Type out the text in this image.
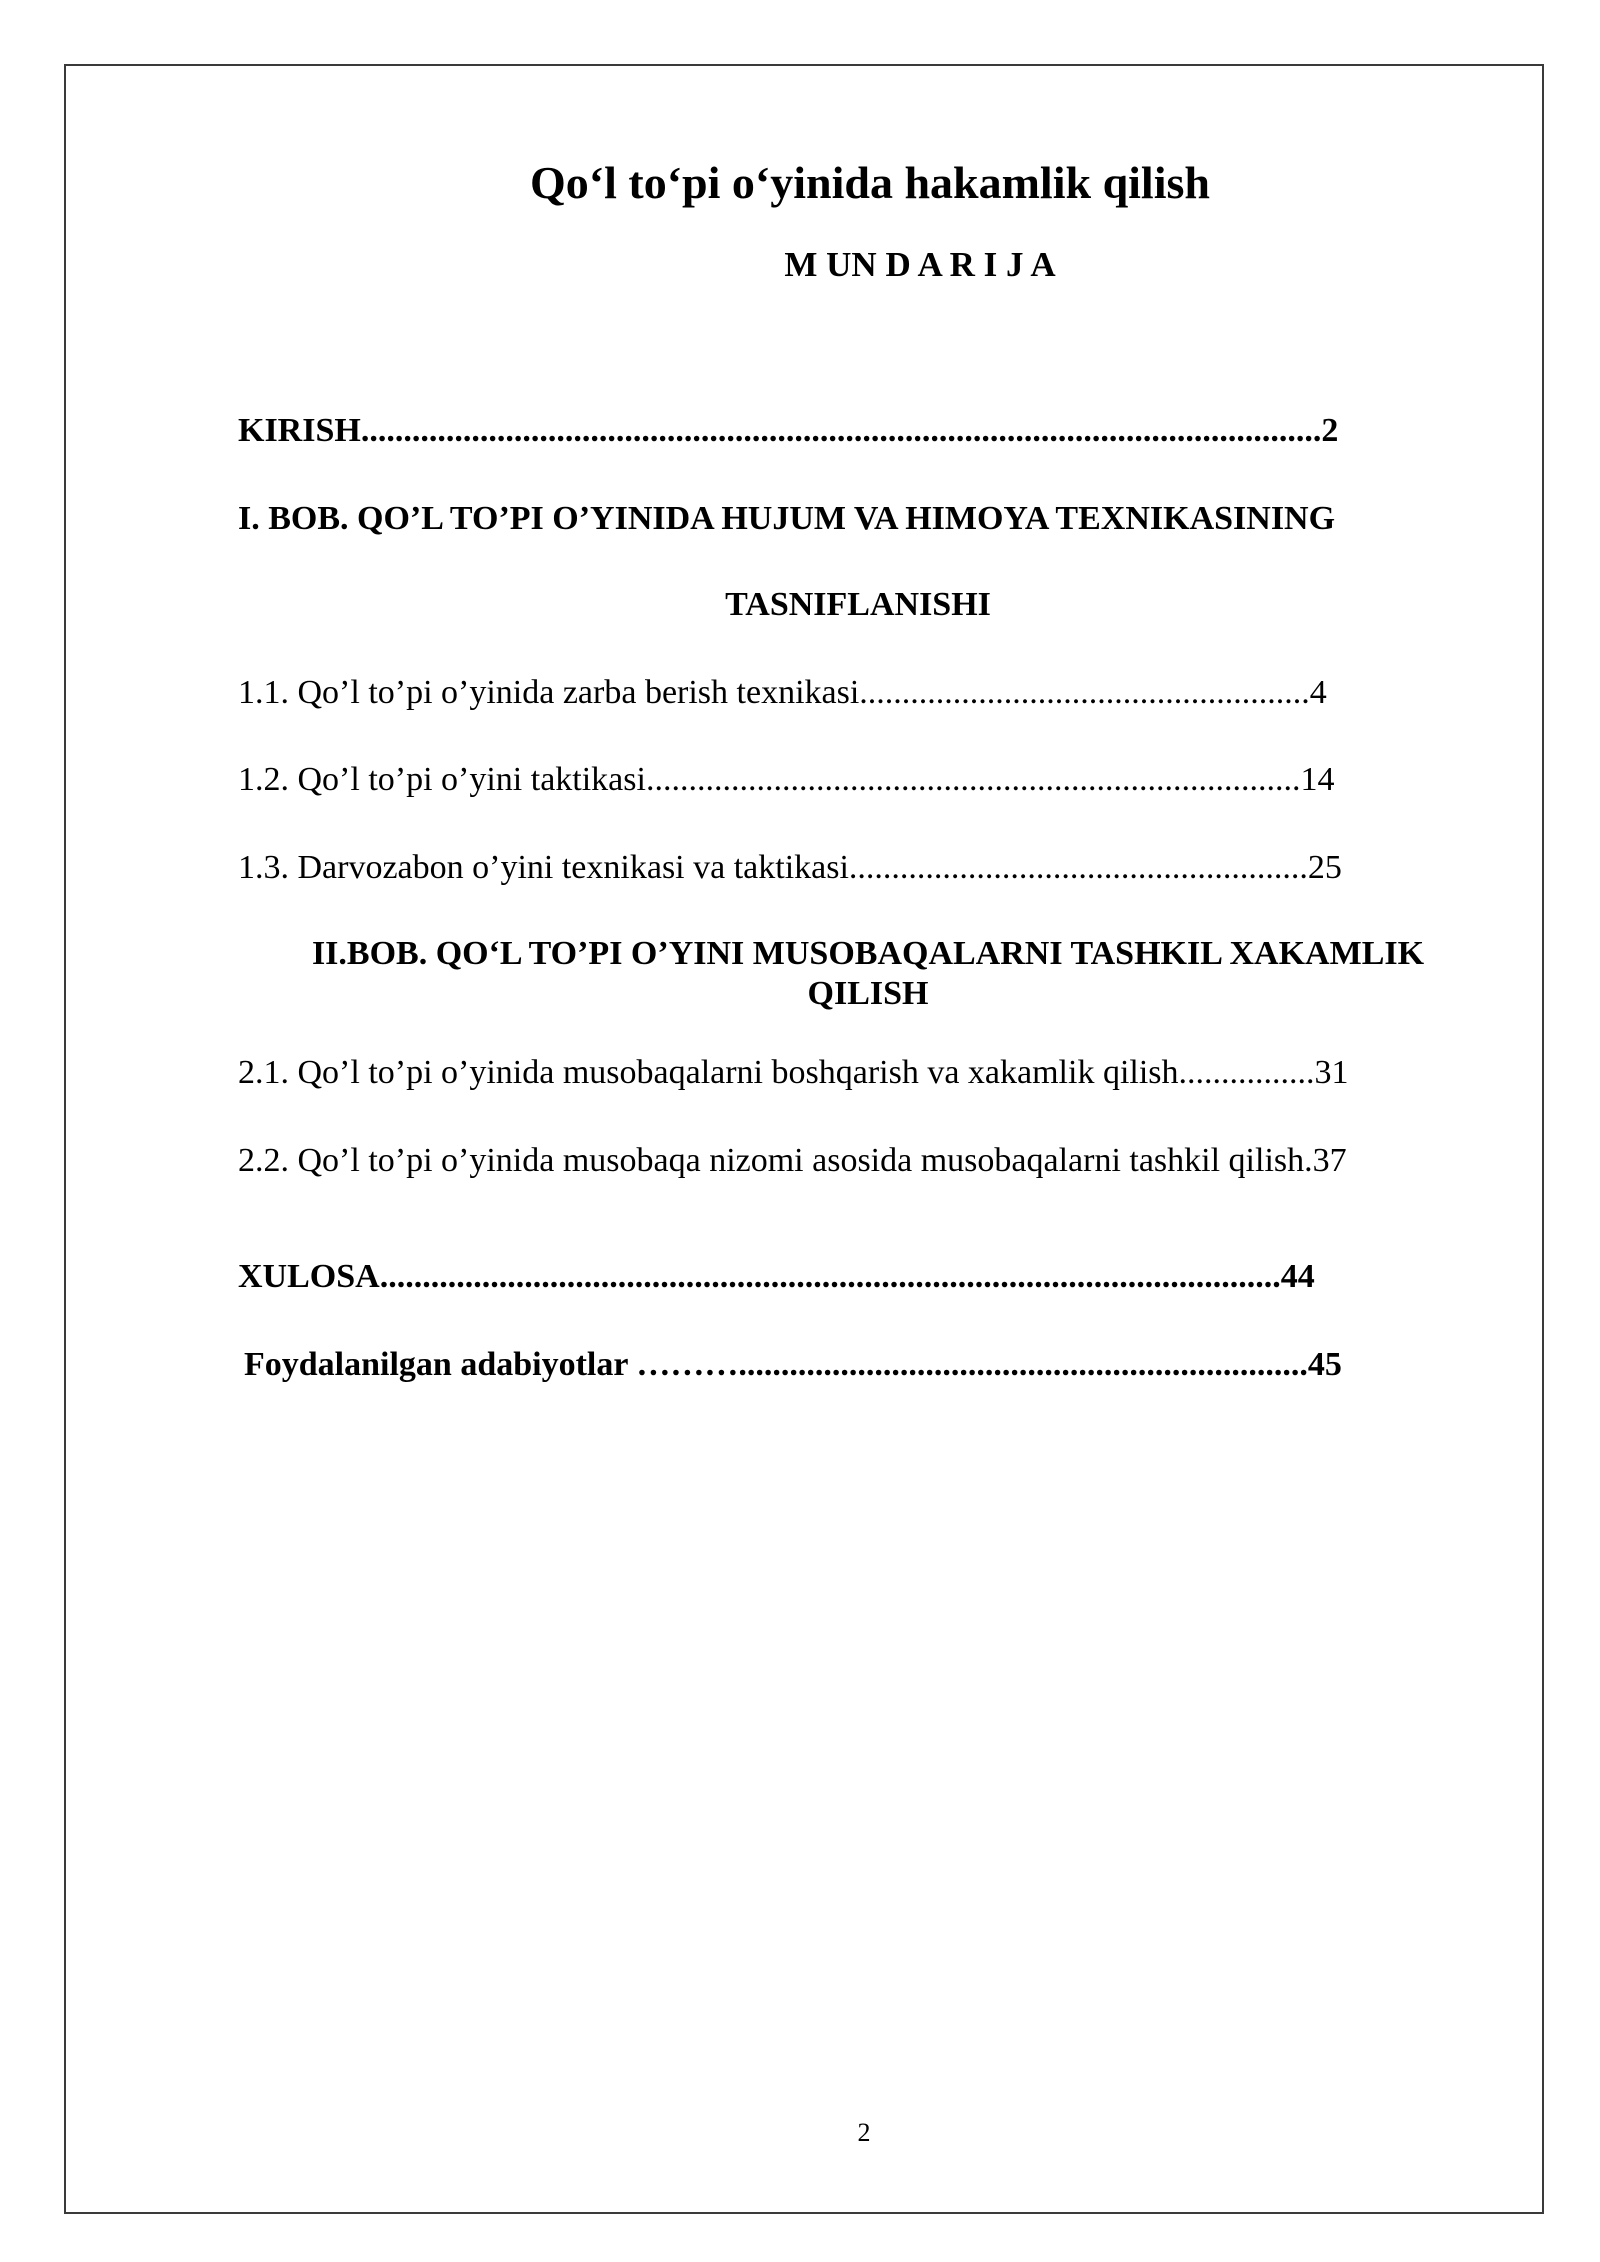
Qo‘l to‘pi o‘yinida hakamlik qilish
M UN D A R I J A

KIRISH.................................................................................................................2

I. BOB. QO’L TO’PI O’YINIDA HUJUM VA HIMOYA TEXNIKASINING

TASNIFLANISHI

1.1. Qo’l to’pi o’yinida zarba berish texnikasi.....................................................4

1.2. Qo’l to’pi o’yini taktikasi.............................................................................14

1.3. Darvozabon o’yini texnikasi va taktikasi......................................................25

II.BOB. QO‘L TO’PI O’YINI MUSOBAQALARNI TASHKIL XAKAMLIK QILISH

2.1. Qo’l to’pi o’yinida musobaqalarni boshqarish va xakamlik qilish................31

2.2. Qo’l to’pi o’yinida musobaqa nizomi asosida musobaqalarni tashkil qilish.37

XULOSA..........................................................................................................44

Foydalanilgan adabiyotlar ………...................................................................45

2
